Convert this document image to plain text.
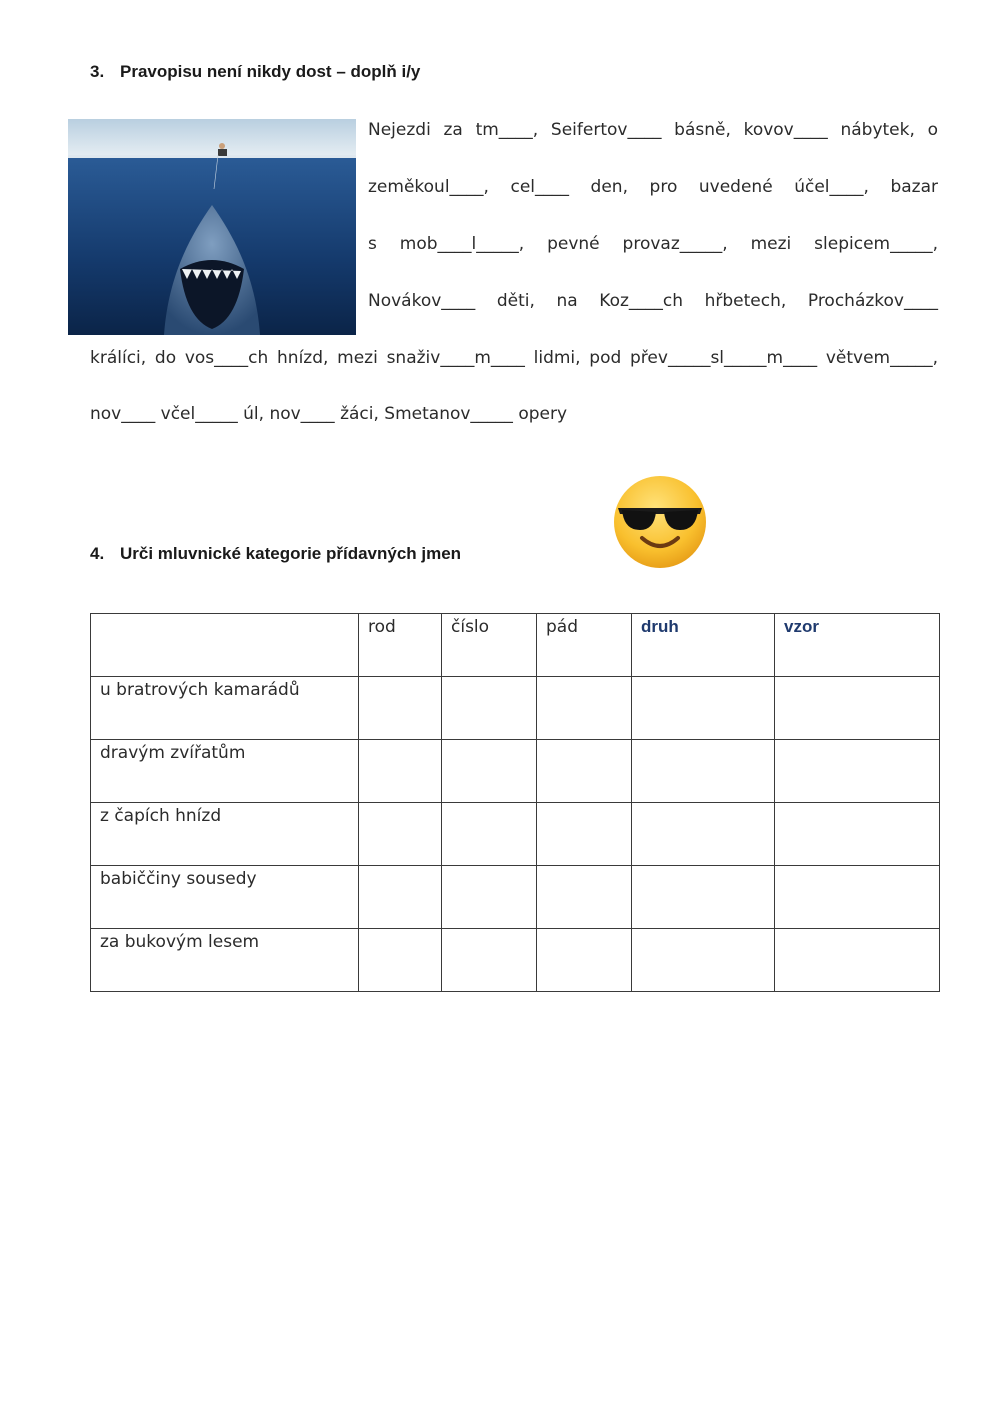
3. Pravopisu není nikdy dost – doplň i/y
Nejezdi za tm____, Seifertov____ básně, kovov____ nábytek, o
zeměkoul____, cel____ den, pro uvedené účel____, bazar
s mob____l_____, pevné provaz_____, mezi slepicem_____,
Novákov____ děti, na Koz____ch hřbetech, Procházkov____
králíci, do vos____ch hnízd, mezi snaživ____m____ lidmi, pod přev_____sl_____m____ větvem_____,
nov____ včel_____ úl, nov____ žáci, Smetanov_____ opery
4. Urči mluvnické kategorie přídavných jmen
	rod	číslo	pád	druh	vzor
u bratrových kamarádů					
dravým zvířatům					
z čapích hnízd					
babiččiny sousedy					
za bukovým lesem					
